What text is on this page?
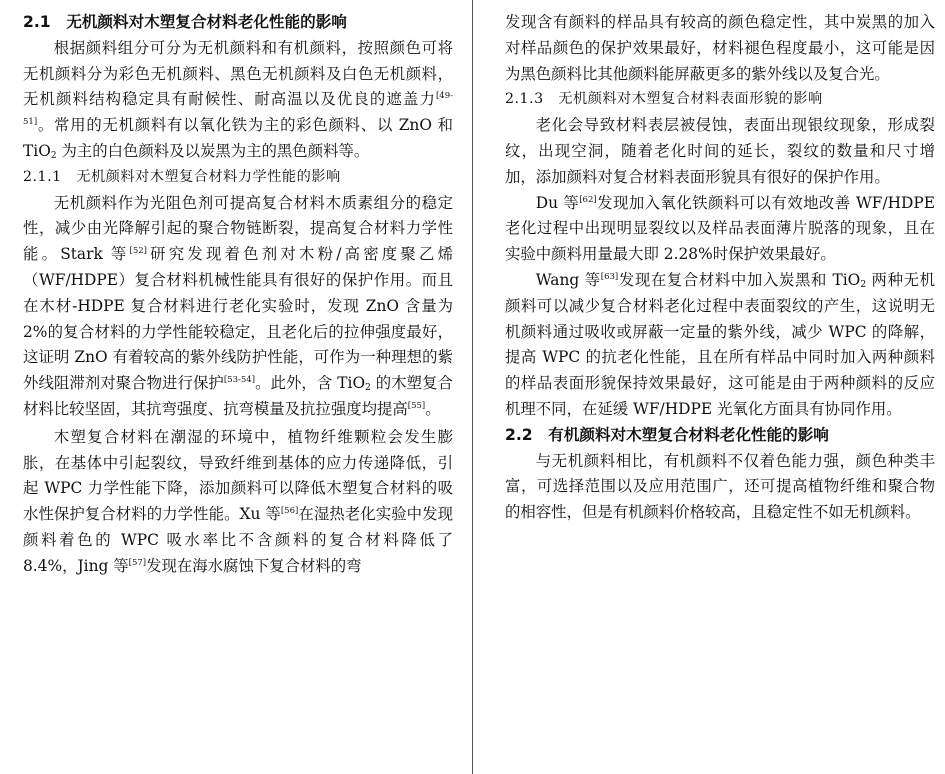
2.1　无机颜料对木塑复合材料老化性能的影响
根据颜料组分可分为无机颜料和有机颜料，按照颜色可将无机颜料分为彩色无机颜料、黑色无机颜料及白色无机颜料，无机颜料结构稳定具有耐候性、耐高温以及优良的遮盖力[49-51]。常用的无机颜料有以氧化铁为主的彩色颜料、以 ZnO 和 TiO$_2$ 为主的白色颜料及以炭黑为主的黑色颜料等。
2.1.1　无机颜料对木塑复合材料力学性能的影响
无机颜料作为光阻色剂可提高复合材料木质素组分的稳定性，减少由光降解引起的聚合物链断裂，提高复合材料力学性能。Stark 等[52]研究发现着色剂对木粉/高密度聚乙烯（WF/HDPE）复合材料机械性能具有很好的保护作用。而且在木材-HDPE 复合材料进行老化实验时，发现 ZnO 含量为 2%的复合材料的力学性能较稳定，且老化后的拉伸强度最好，这证明 ZnO 有着较高的紫外线防护性能，可作为一种理想的紫外线阻滞剂对聚合物进行保护[53-54]。此外，含 TiO$_2$ 的木塑复合材料比较坚固，其抗弯强度、抗弯模量及抗拉强度均提高[55]。
木塑复合材料在潮湿的环境中，植物纤维颗粒会发生膨胀，在基体中引起裂纹，导致纤维到基体的应力传递降低，引起 WPC 力学性能下降，添加颜料可以降低木塑复合材料的吸水性保护复合材料的力学性能。Xu 等[56]在湿热老化实验中发现颜料着色的 WPC 吸水率比不含颜料的复合材料降低了 8.4%，Jing 等[57]发现在海水腐蚀下复合材料的弯
发现含有颜料的样品具有较高的颜色稳定性，其中炭黑的加入对样品颜色的保护效果最好，材料褪色程度最小，这可能是因为黑色颜料比其他颜料能屏蔽更多的紫外线以及复合光。
2.1.3　无机颜料对木塑复合材料表面形貌的影响
老化会导致材料表层被侵蚀，表面出现银纹现象，形成裂纹，出现空洞，随着老化时间的延长，裂纹的数量和尺寸增加，添加颜料对复合材料表面形貌具有很好的保护作用。
Du 等[62]发现加入氧化铁颜料可以有效地改善 WF/HDPE 老化过程中出现明显裂纹以及样品表面薄片脱落的现象，且在实验中颜料用量最大即 2.28%时保护效果最好。
Wang 等[63]发现在复合材料中加入炭黑和 TiO$_2$ 两种无机颜料可以减少复合材料老化过程中表面裂纹的产生，这说明无机颜料通过吸收或屏蔽一定量的紫外线，减少 WPC 的降解，提高 WPC 的抗老化性能，且在所有样品中同时加入两种颜料的样品表面形貌保持效果最好，这可能是由于两种颜料的反应机理不同，在延缓 WF/HDPE 光氧化方面具有协同作用。
2.2　有机颜料对木塑复合材料老化性能的影响
与无机颜料相比，有机颜料不仅着色能力强，颜色种类丰富，可选择范围以及应用范围广，还可提高植物纤维和聚合物的相容性，但是有机颜料价格较高，且稳定性不如无机颜料。
